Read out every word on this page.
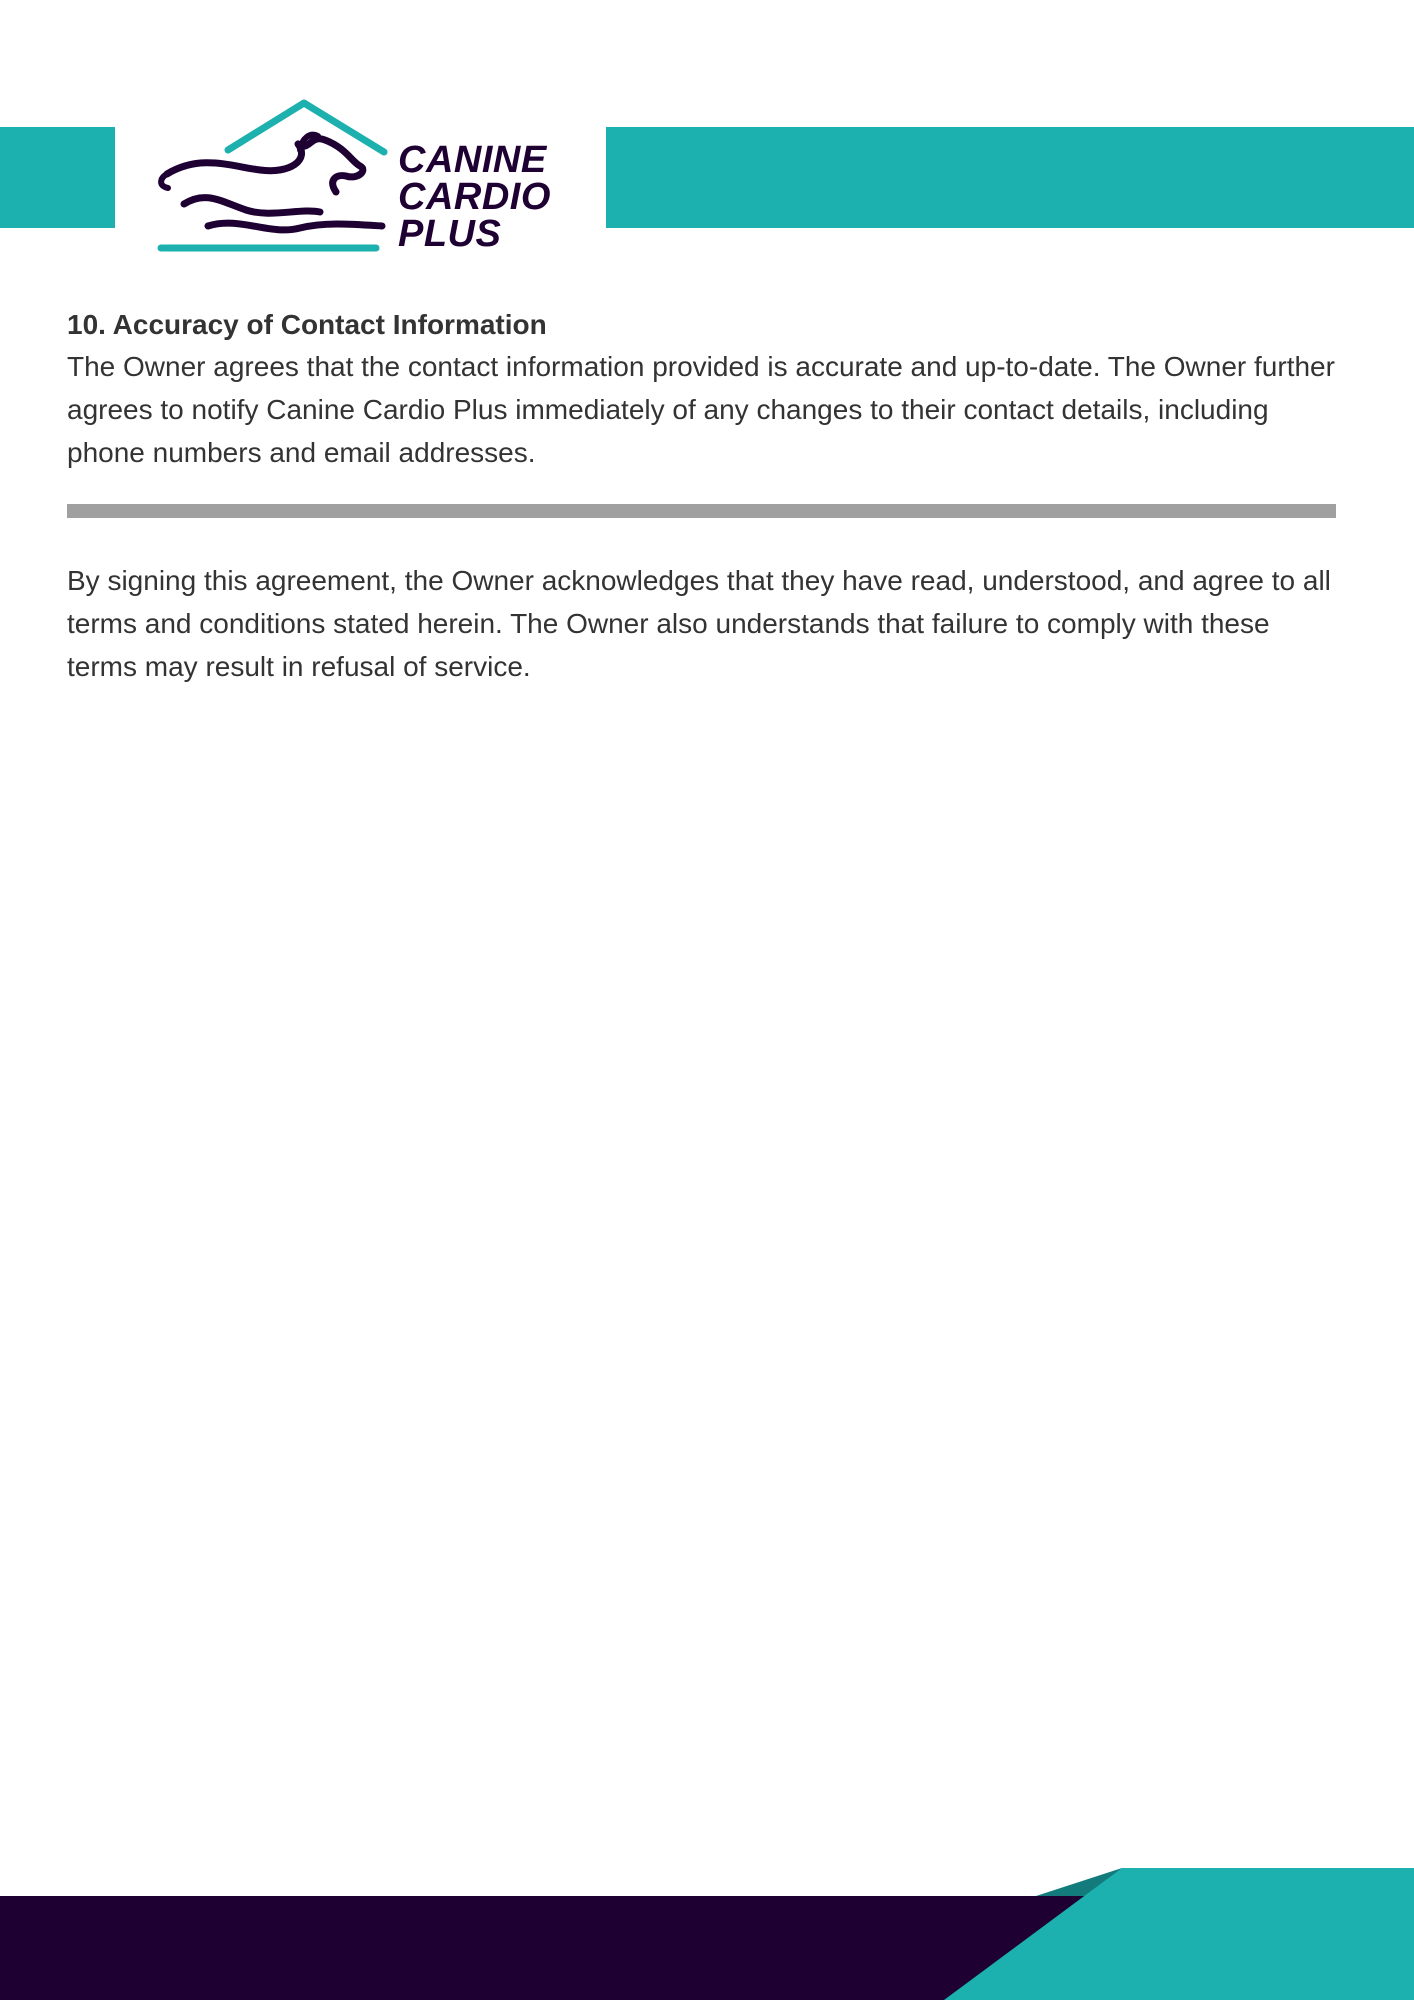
CANINE
CARDIO
PLUS

10. Accuracy of Contact Information

The Owner agrees that the contact information provided is accurate and up-to-date. The Owner further agrees to notify Canine Cardio Plus immediately of any changes to their contact details, including phone numbers and email addresses.

By signing this agreement, the Owner acknowledges that they have read, understood, and agree to all terms and conditions stated herein. The Owner also understands that failure to comply with these terms may result in refusal of service.
